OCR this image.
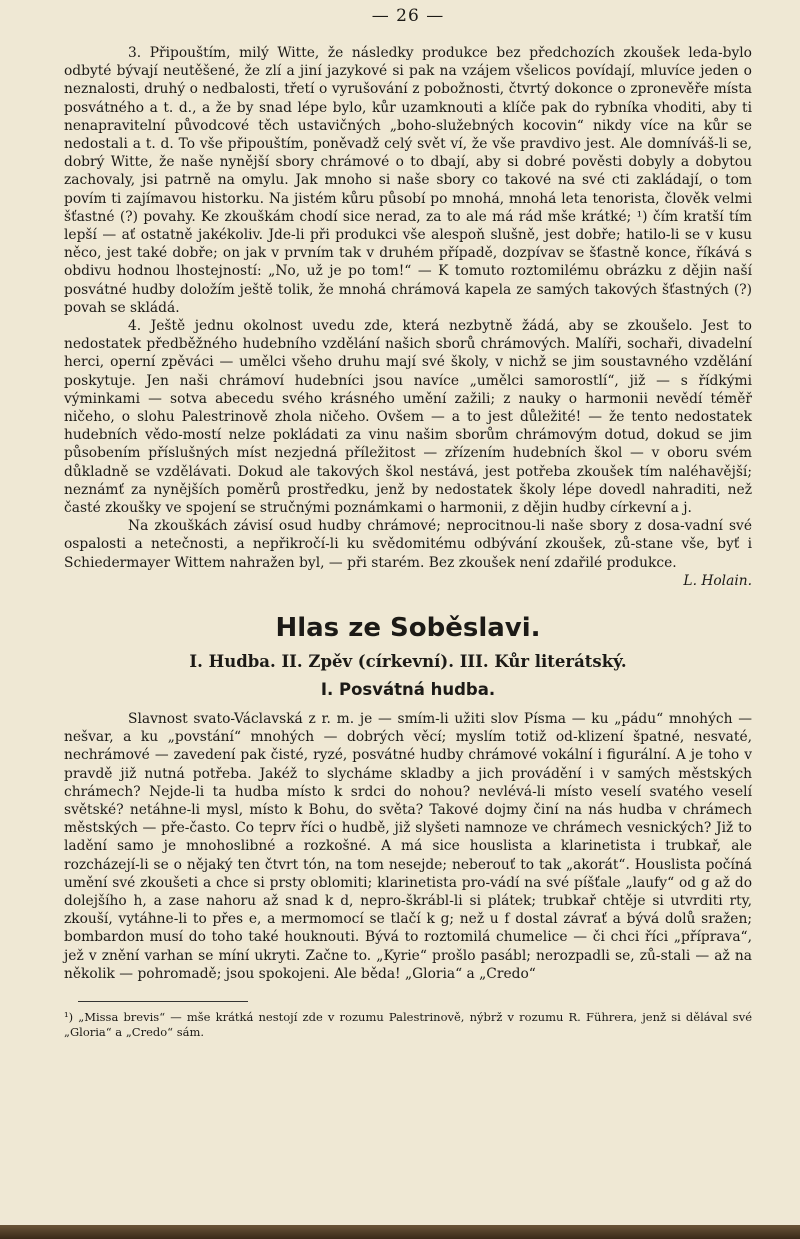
— 26 —

3. Připouštím, milý Witte, že následky produkce bez předchozích zkoušek leda-bylo odbyté bývají neutěšené, že zlí a jiní jazykové si pak na vzájem všelicos povídají, mluvíce jeden o neznalosti, druhý o nedbalosti, třetí o vyrušování z pobožnosti, čtvrtý dokonce o zpronevěře místa posvátného a t. d., a že by snad lépe bylo, kůr uzamknouti a klíče pak do rybníka vhoditi, aby ti nenapravitelní původcové těch ustavičných „boho-služebných kocovin“ nikdy více na kůr se nedostali a t. d. To vše připouštím, poněvadž celý svět ví, že vše pravdivo jest. Ale domníváš-li se, dobrý Witte, že naše nynější sbory chrámové o to dbají, aby si dobré pověsti dobyly a dobytou zachovaly, jsi patrně na omylu. Jak mnoho si naše sbory co takové na své cti zakládají, o tom povím ti zajímavou historku. Na jistém kůru působí po mnohá, mnohá leta tenorista, člověk velmi šťastné (?) povahy. Ke zkouškám chodí sice nerad, za to ale má rád mše krátké; ¹) čím kratší tím lepší — ať ostatně jakékoliv. Jde-li při produkci vše alespoň slušně, jest dobře; hatilo-li se v kusu něco, jest také dobře; on jak v prvním tak v druhém případě, dozpívav se šťastně konce, říkává s obdivu hodnou lhostejností: „No, už je po tom!“ — K tomuto roztomilému obrázku z dějin naší posvátné hudby doložím ještě tolik, že mnohá chrámová kapela ze samých takových šťastných (?) povah se skládá.

4. Ještě jednu okolnost uvedu zde, která nezbytně žádá, aby se zkoušelo. Jest to nedostatek předběžného hudebního vzdělání našich sborů chrámových. Malíři, sochaři, divadelní herci, operní zpěváci — umělci všeho druhu mají své školy, v nichž se jim soustavného vzdělání poskytuje. Jen naši chrámoví hudebníci jsou navíce „umělci samorostlí“, již — s řídkými výminkami — sotva abecedu svého krásného umění zažili; z nauky o harmonii nevědí téměř ničeho, o slohu Palestrinově zhola ničeho. Ovšem — a to jest důležité! — že tento nedostatek hudebních vědo-mostí nelze pokládati za vinu našim sborům chrámovým dotud, dokud se jim působením příslušných míst nezjedná příležitost — zřízením hudebních škol — v oboru svém důkladně se vzdělávati. Dokud ale takových škol nestává, jest potřeba zkoušek tím naléhavější; neznámť za nynějších poměrů prostředku, jenž by nedostatek školy lépe dovedl nahraditi, než časté zkoušky ve spojení se stručnými poznámkami o harmonii, z dějin hudby církevní a j.

Na zkouškách závisí osud hudby chrámové; neprocitnou-li naše sbory z dosa-vadní své ospalosti a netečnosti, a nepřikročí-li ku svědomitému odbývání zkoušek, zů-stane vše, byť i Schiedermayer Wittem nahražen byl, — při starém. Bez zkoušek není zdařilé produkce.
L. Holain.

Hlas ze Soběslavi.
I. Hudba. II. Zpěv (církevní). III. Kůr literátský.
I. Posvátná hudba.

Slavnost svato-Václavská z r. m. je — smím-li užiti slov Písma — ku „pádu“ mnohých — nešvar, a ku „povstání“ mnohých — dobrých věcí; myslím totiž od-klizení špatné, nesvaté, nechrámové — zavedení pak čisté, ryzé, posvátné hudby chrámové vokální i figurální. A je toho v pravdě již nutná potřeba. Jakéž to slycháme skladby a jich provádění i v samých městských chrámech? Nejde-li ta hudba místo k srdci do nohou? nevlévá-li místo veselí svatého veselí světské? netáhne-li mysl, místo k Bohu, do světa? Takové dojmy činí na nás hudba v chrámech městských — pře-často. Co teprv říci o hudbě, již slyšeti namnoze ve chrámech vesnických? Již to ladění samo je mnohoslibné a rozkošné. A má sice houslista a klarinetista i trubkař, ale rozcházejí-li se o nějaký ten čtvrt tón, na tom nesejde; neberouť to tak „akorát“. Houslista počíná umění své zkoušeti a chce si prsty oblomiti; klarinetista pro-vádí na své píšťale „laufy“ od g až do dolejšího h, a zase nahoru až snad k d, nepro-škrábl-li si plátek; trubkař chtěje si utvrditi rty, zkouší, vytáhne-li to přes e, a mermomocí se tlačí k g; než u f dostal závrať a bývá dolů sražen; bombardon musí do toho také houknouti. Bývá to roztomilá chumelice — či chci říci „příprava“, jež v znění varhan se míní ukryti. Začne to. „Kyrie“ prošlo pasábl; nerozpadli se, zů-stali — až na několik — pohromadě; jsou spokojeni. Ale běda! „Gloria“ a „Credo“

¹) „Missa brevis“ — mše krátká nestojí zde v rozumu Palestrinově, nýbrž v rozumu R. Führera, jenž si dělával své „Gloria“ a „Credo“ sám.
